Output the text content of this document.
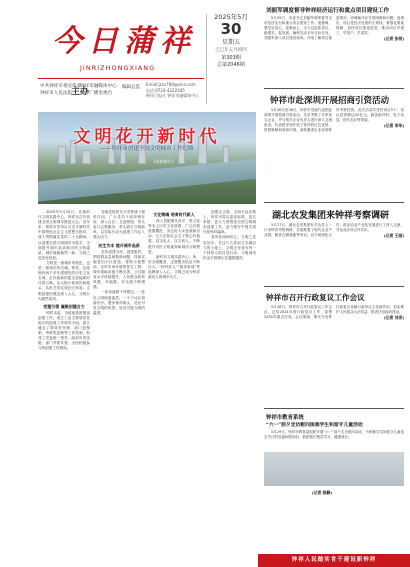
今日蒲祥
JINRIZHONGXIANG
中共钟祥市委宣传部
钟祥市人民法院
主办
钟祥市融媒体中心
钟祥广播电视台
编辑总监
Email:jzzx789@sina.com
电话:0724-4222345
钟祥日报社 钟祥市融媒体中心
2025年5月
30
星期五
乙巳年五月初四
第303期
总第2046期
文明花开新时代
——钟祥市创建全国文明城市工作纪略
(资料图片)

2025年5月20日，在新时代文明实践中心，钟祥市召开创建全国文明城市推进大会。近年来，钟祥市坚持以习近平新时代中国特色社会主义思想为指导，深入贯彻落实党的二十大精神，以创建全国文明城市为抓手，全面提升城市品质和市民文明素质，城市面貌焕然一新，文明之花处处绽放。

文明是一座城市的底色，也是一座城市的灵魂。钟祥，这座拥有两千多年建城史的历史文化名城，正以崭新的姿态迎接新时代的召唤。从大街小巷到田间地头，从机关单位到社区家庭，文明创建的理念深入人心，文明行为蔚然成风。

党建引领 凝聚创建合力

钟祥市委、市政府高度重视创建工作，成立了由主要领导任组长的创建工作领导小组，建立健全了领导责任制、部门包保制、考核奖惩制等工作机制，形成了党委统一领导、政府负责实施、部门齐抓共管、全民积极参与的创建工作格局。

各级党组织充分发挥战斗堡垒作用，广大党员干部冲锋在前，深入社区、走进网格，带头参与志愿服务，带头践行文明新风，以实际行动为创建工作注入强大动力。

民生为本 提升城市品质

坚持创建为民、创建惠民，围绕群众急难愁盼问题，持续实施老旧小区改造、背街小巷整治、农贸市场升级等民生工程，城市基础设施不断完善，公共服务水平持续提升，人民群众的获得感、幸福感、安全感不断增强。

一条条道路干净整洁，一处处公园绿意盎然，一个个社区和谐有序。漫步钟祥街头，处处可见文明的风景，处处可感文明的温度。

文化铸魂 培育时代新人

深入挖掘明代帝乡、楚文化等本土历史文化资源，广泛开展道德模范、身边好人评选表彰活动，大力弘扬社会主义核心价值观，以文化人、以文育人，不断提升市民文明素养和城市文明程度。

新时代文明实践中心、所、站全面覆盖，志愿服务队伍不断壮大，“钟祥好人”“最美家庭”等品牌深入人心，文明已成为钟祥最动人的城市名片。

创建无止境，文明永远在路上。钟祥市将以更高标准、更实举措、更大力度推进全国文明城市创建工作，奋力谱写中国式现代化钟祥篇章。

春风化雨润民心，文明之花处处开。在这片古老而又充满活力的土地上，文明正在成为每一个钟祥人的自觉行动，文明城市的金字招牌正在越擦越亮。

刘振军调度督导钟祥经济运行和重点项目建设工作

5月29日，市委书记刘振军调度督导全市经济运行和重点项目建设工作。他强调，要坚定信心、迎难而上，全力以赴抓项目、稳增长、促发展，确保完成全年目标任务。刘振军深入项目建设现场，详细了解项目推进情况，协调解决存在的困难和问题。他指出，项目是经济发展的生命线，要强化要素保障，加快项目建设进度，推动项目早竣工、早投产、早见效。

(记者 张明)
钟祥市赴深圳开展招商引资活动

5月26日至28日，钟祥市党政代表团赴深圳开展招商引资活动，先后考察了多家知名企业，并与相关企业负责人进行深入交流座谈。代表团详细介绍了钟祥的区位优势、资源禀赋和营商环境，诚挚邀请企业家到钟祥考察投资。此次活动共签约项目5个，协议投资额达32亿元，涵盖新材料、电子信息、现代农业等领域。

(记者 李华)
湖北农发集团来钟祥考察调研

5月27日，湖北农发集团有关负责人一行来钟祥考察调研，实地察看了现代农业产业园、粮食仓储基地等项目。双方就深化合作、推动农业产业化发展进行了深入交流，并达成多项合作共识。

(记者 王刚)
钟祥市召开行政复议工作会议

5月28日，钟祥市召开行政复议工作会议，总结2024年度行政复议工作，部署2025年重点任务。会议强调，要充分发挥行政复议化解行政争议主渠道作用，切实维护人民群众合法权益，推进法治政府建设。

(记者 刘洋)
钟祥市教育系统
“六一”前夕走访慰问困难学生和留守儿童活动

5月29日，钟祥市教育局组织开展“六一”前夕走访慰问活动，为困难学生和留守儿童送去节日的祝福和慰问品，鼓励他们刻苦学习、健康成长。

(记者 陈静)
钟祥人民踏实肯干建设新钟祥
